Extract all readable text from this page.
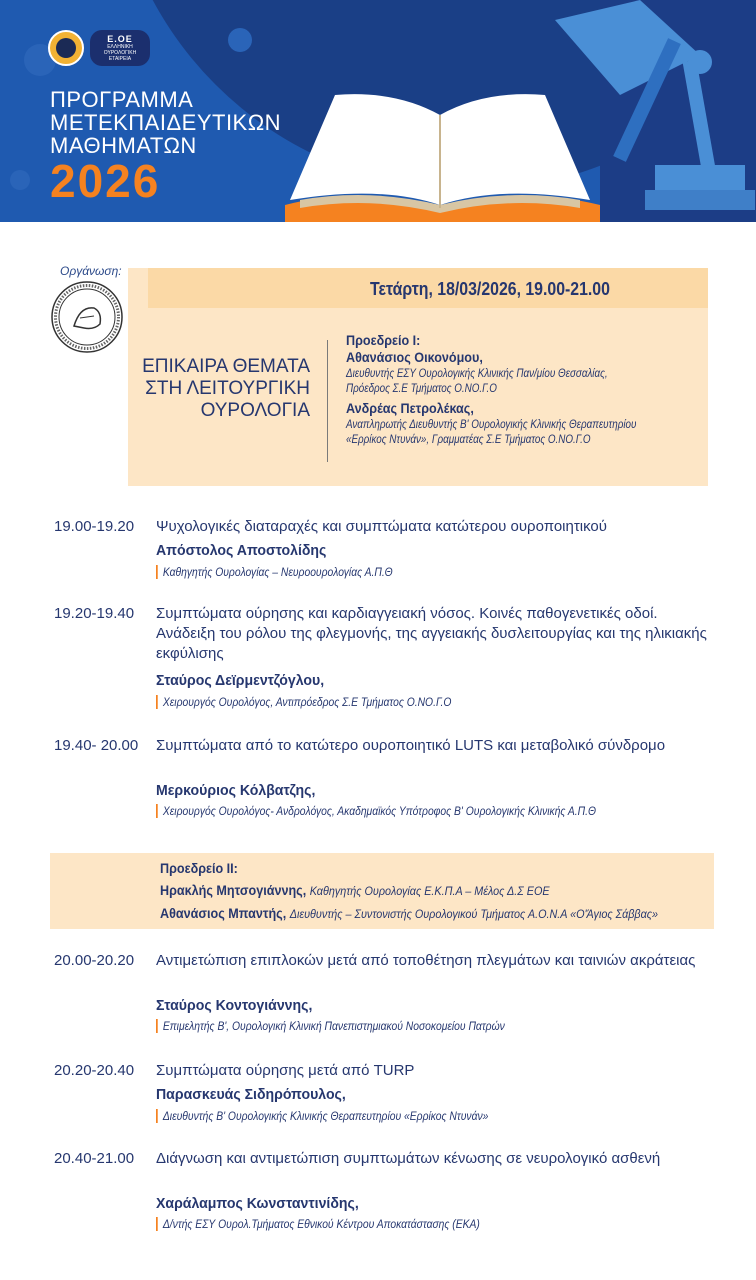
Ε.ΟΕ
ΕΛΛΗΝΙΚΗ ΟΥΡΟΛΟΓΙΚΗ ΕΤΑΙΡΕΙΑ
ΠΡΟΓΡΑΜΜΑ
ΜΕΤΕΚΠΑΙΔΕΥΤΙΚΩΝ
ΜΑΘΗΜΑΤΩΝ
2026
Τετάρτη, 18/03/2026, 19.00-21.00
Οργάνωση:
ΕΠΙΚΑΙΡΑ ΘΕΜΑΤΑ
ΣΤΗ ΛΕΙΤΟΥΡΓΙΚΗ
ΟΥΡΟΛΟΓΙΑ
Προεδρείο Ι:
Αθανάσιος Οικονόμου,
Διευθυντής ΕΣΥ Ουρολογικής Κλινικής Παν/μίου Θεσσαλίας,
Πρόεδρος Σ.Ε Τμήματος Ο.ΝΟ.Γ.Ο
Ανδρέας Πετρολέκας,
Αναπληρωτής Διευθυντής Β' Ουρολογικής Κλινικής Θεραπευτηρίου
«Ερρίκος Ντυνάν», Γραμματέας Σ.Ε Τμήματος Ο.ΝΟ.Γ.Ο
19.00-19.20 Ψυχολογικές διαταραχές και συμπτώματα κατώτερου ουροποιητικού
Απόστολος Αποστολίδης
Καθηγητής Ουρολογίας – Νευροουρολογίας Α.Π.Θ
19.20-19.40 Συμπτώματα ούρησης και καρδιαγγειακή νόσος. Κοινές παθογενετικές οδοί. Ανάδειξη του ρόλου της φλεγμονής, της αγγειακής δυσλειτουργίας και της ηλικιακής εκφύλισης
Σταύρος Δεϊρμεντζόγλου,
Χειρουργός Ουρολόγος, Αντιπρόεδρος Σ.Ε Τμήματος Ο.ΝΟ.Γ.Ο
19.40- 20.00 Συμπτώματα από το κατώτερο ουροποιητικό LUTS και μεταβολικό σύνδρομο
Μερκούριος Κόλβατζης,
Χειρουργός Ουρολόγος- Ανδρολόγος, Ακαδημαϊκός Υπότροφος Β' Ουρολογικής Κλινικής Α.Π.Θ
Προεδρείο ΙΙ:
Ηρακλής Μητσογιάννης, Καθηγητής Ουρολογίας Ε.Κ.Π.Α – Μέλος Δ.Σ ΕΟΕ
Αθανάσιος Μπαντής, Διευθυντής – Συντονιστής Ουρολογικού Τμήματος Α.Ο.Ν.Α «Ο'Άγιος Σάββας»
20.00-20.20 Αντιμετώπιση επιπλοκών μετά από τοποθέτηση πλεγμάτων και ταινιών ακράτειας
Σταύρος Κοντογιάννης,
Επιμελητής Β', Ουρολογική Κλινική Πανεπιστημιακού Νοσοκομείου Πατρών
20.20-20.40 Συμπτώματα ούρησης μετά από TURP
Παρασκευάς Σιδηρόπουλος,
Διευθυντής Β' Ουρολογικής Κλινικής Θεραπευτηρίου «Ερρίκος Ντυνάν»
20.40-21.00 Διάγνωση και αντιμετώπιση συμπτωμάτων κένωσης σε νευρολογικό ασθενή
Χαράλαμπος Κωνσταντινίδης,
Δ/ντής ΕΣΥ Ουρολ.Τμήματος Εθνικού Κέντρου Αποκατάστασης (ΕΚΑ)
